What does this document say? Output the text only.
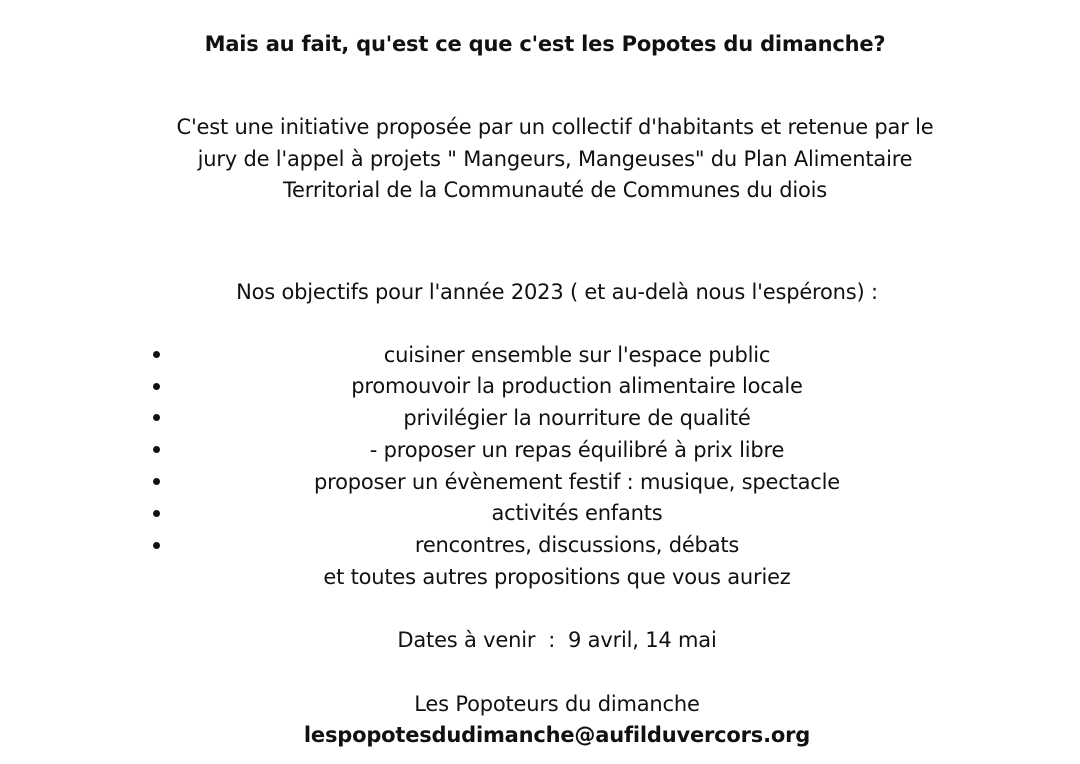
Mais au fait, qu'est ce que c'est les Popotes du dimanche?
C'est une initiative proposée par un collectif d'habitants et retenue par le jury de l'appel à projets " Mangeurs, Mangeuses" du Plan Alimentaire Territorial de la Communauté de Communes du diois
Nos objectifs pour l'année 2023 ( et au-delà nous l'espérons) :
cuisiner ensemble sur l'espace public
promouvoir la production alimentaire locale
privilégier la nourriture de qualité
- proposer un repas équilibré à prix libre
proposer un évènement festif : musique, spectacle
activités enfants
rencontres, discussions, débats
et toutes autres propositions que vous auriez
Dates à venir  :  9 avril, 14 mai
Les Popoteurs du dimanche
lespopotesdudimanche@aufilduvercors.org
